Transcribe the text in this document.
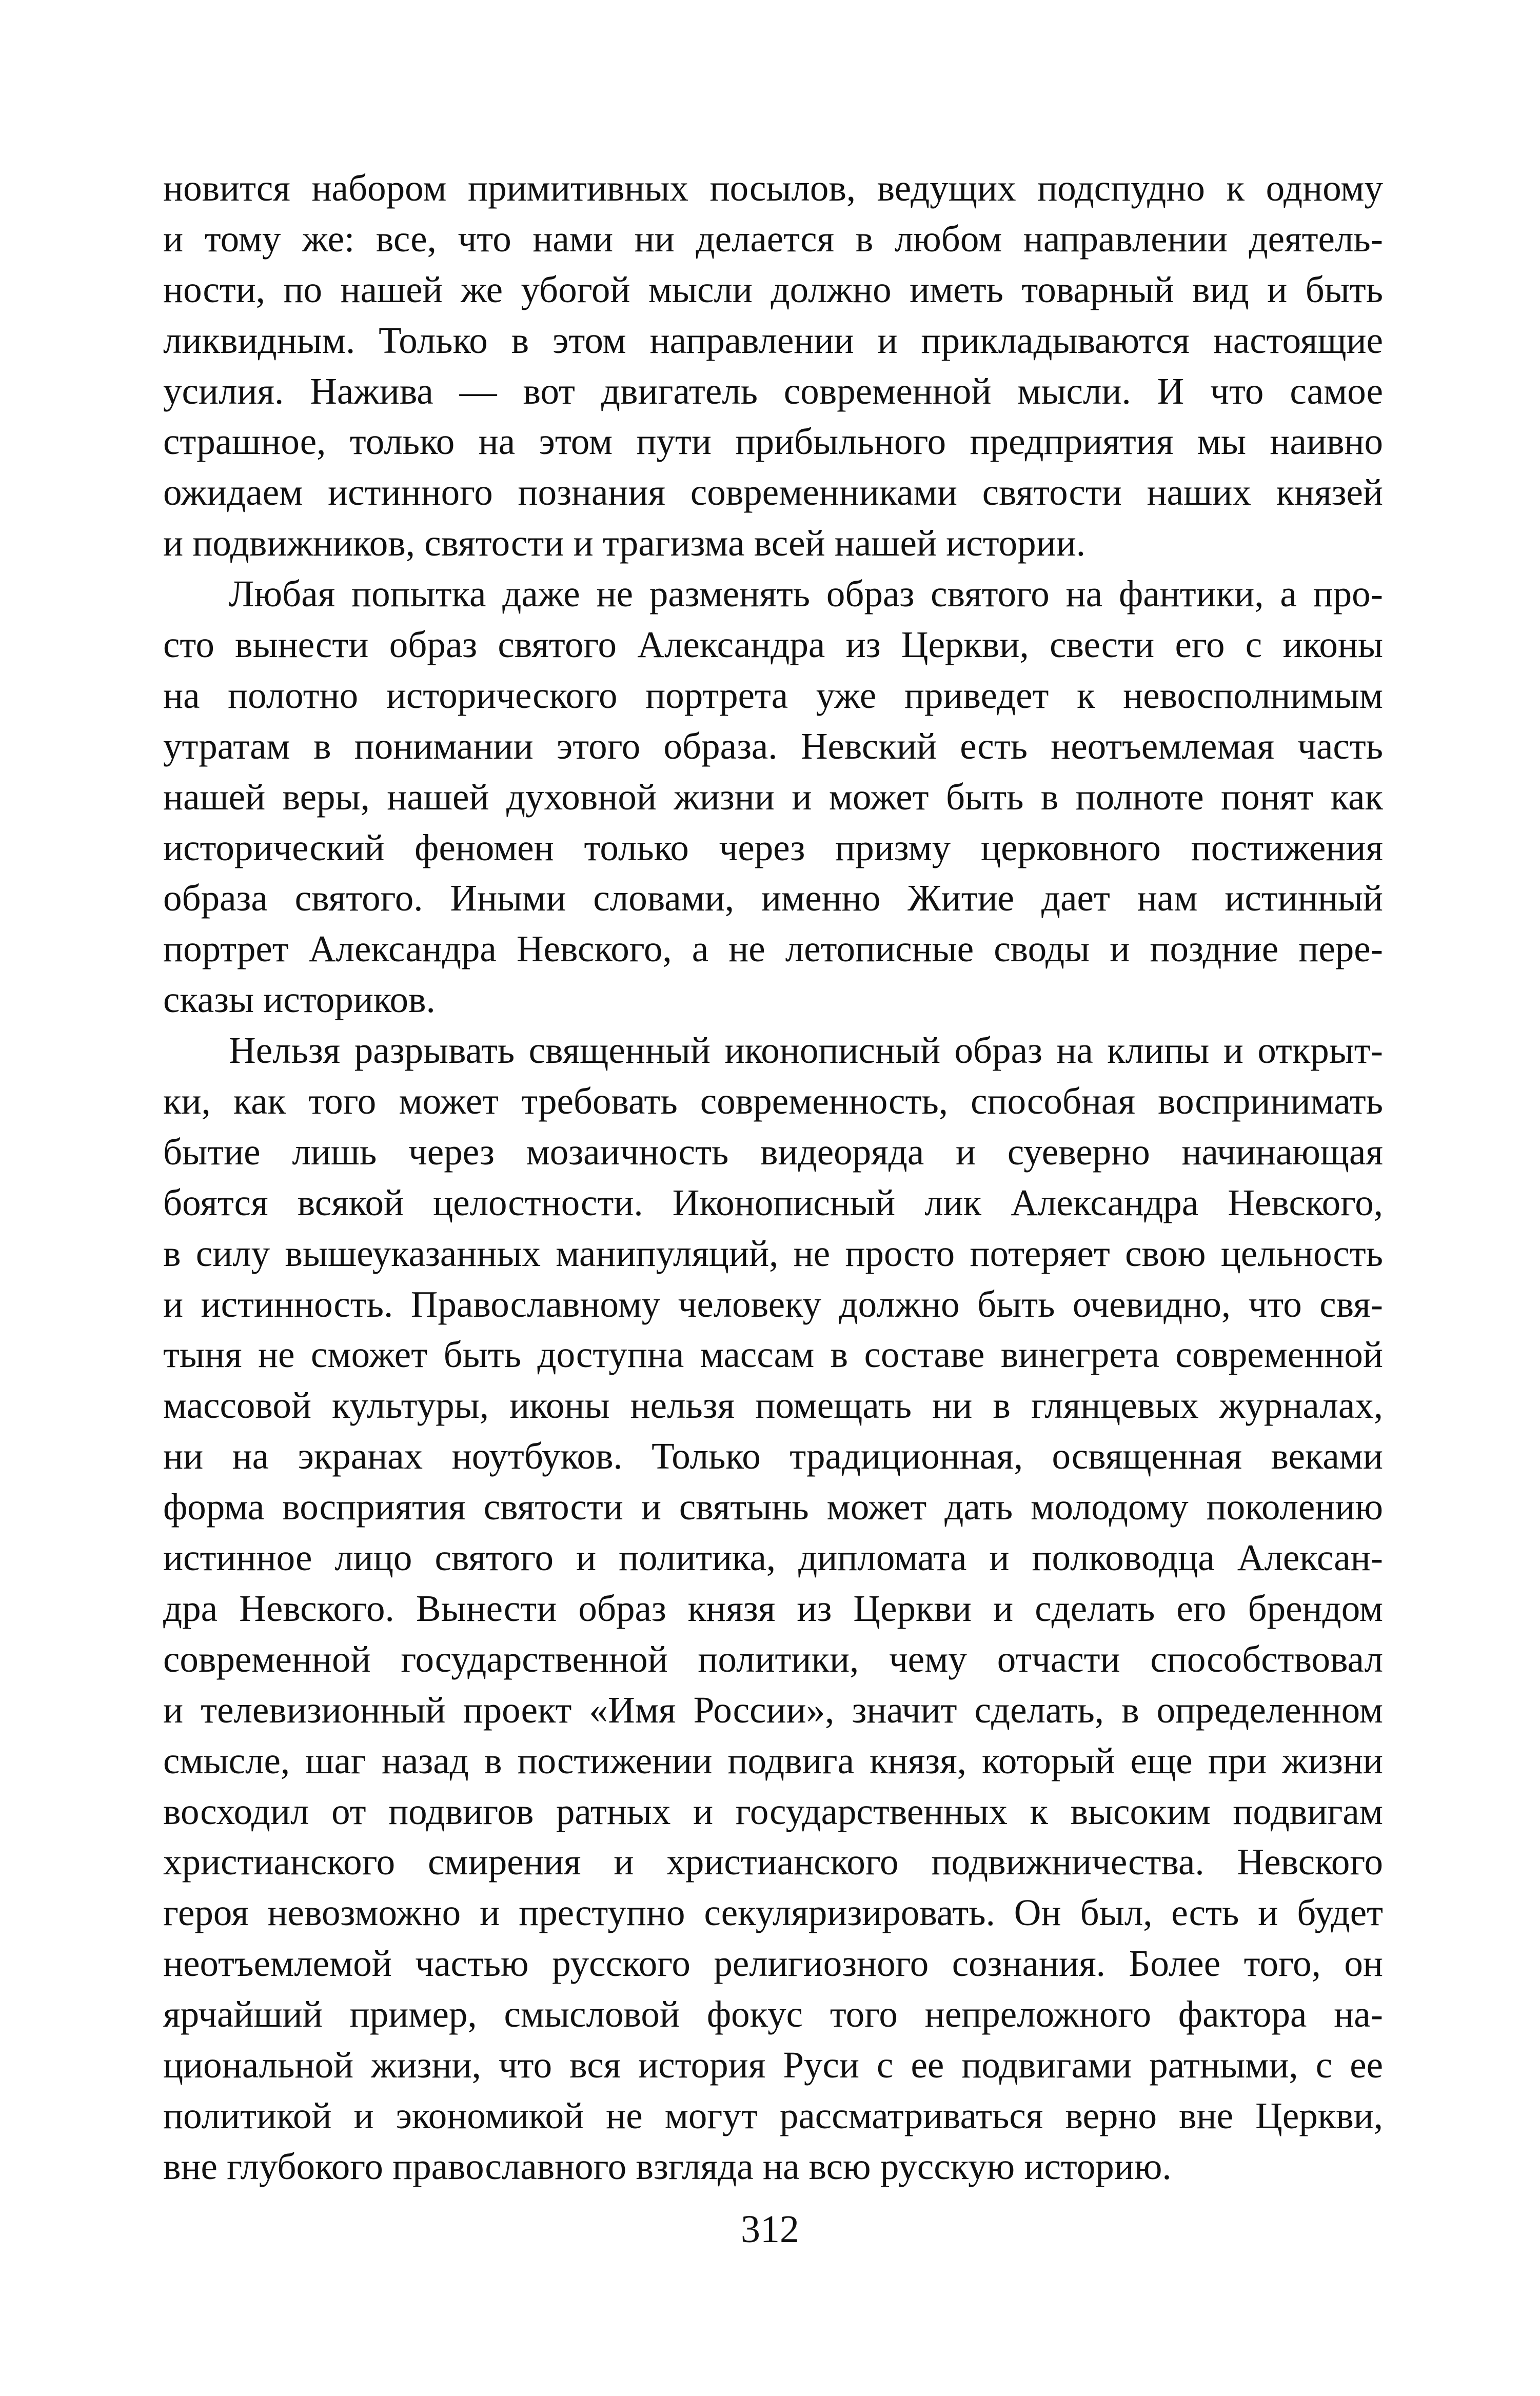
новится набором примитивных посылов, ведущих подспудно к одному
и тому же: все, что нами ни делается в любом направлении деятель-
ности, по нашей же убогой мысли должно иметь товарный вид и быть
ликвидным. Только в этом направлении и прикладываются настоящие
усилия. Нажива — вот двигатель современной мысли. И что самое
страшное, только на этом пути прибыльного предприятия мы наивно
ожидаем истинного познания современниками святости наших князей
и подвижников, святости и трагизма всей нашей истории.
Любая попытка даже не разменять образ святого на фантики, а про-
сто вынести образ святого Александра из Церкви, свести его с иконы
на полотно исторического портрета уже приведет к невосполнимым
утратам в понимании этого образа. Невский есть неотъемлемая часть
нашей веры, нашей духовной жизни и может быть в полноте понят как
исторический феномен только через призму церковного постижения
образа святого. Иными словами, именно Житие дает нам истинный
портрет Александра Невского, а не летописные своды и поздние пере-
сказы историков.
Нельзя разрывать священный иконописный образ на клипы и открыт-
ки, как того может требовать современность, способная воспринимать
бытие лишь через мозаичность видеоряда и суеверно начинающая
боятся всякой целостности. Иконописный лик Александра Невского,
в силу вышеуказанных манипуляций, не просто потеряет свою цельность
и истинность. Православному человеку должно быть очевидно, что свя-
тыня не сможет быть доступна массам в составе винегрета современной
массовой культуры, иконы нельзя помещать ни в глянцевых журналах,
ни на экранах ноутбуков. Только традиционная, освященная веками
форма восприятия святости и святынь может дать молодому поколению
истинное лицо святого и политика, дипломата и полководца Алексан-
дра Невского. Вынести образ князя из Церкви и сделать его брендом
современной государственной политики, чему отчасти способствовал
и телевизионный проект «Имя России», значит сделать, в определенном
смысле, шаг назад в постижении подвига князя, который еще при жизни
восходил от подвигов ратных и государственных к высоким подвигам
христианского смирения и христианского подвижничества. Невского
героя невозможно и преступно секуляризировать. Он был, есть и будет
неотъемлемой частью русского религиозного сознания. Более того, он
ярчайший пример, смысловой фокус того непреложного фактора на-
циональной жизни, что вся история Руси с ее подвигами ратными, с ее
политикой и экономикой не могут рассматриваться верно вне Церкви,
вне глубокого православного взгляда на всю русскую историю.
312
